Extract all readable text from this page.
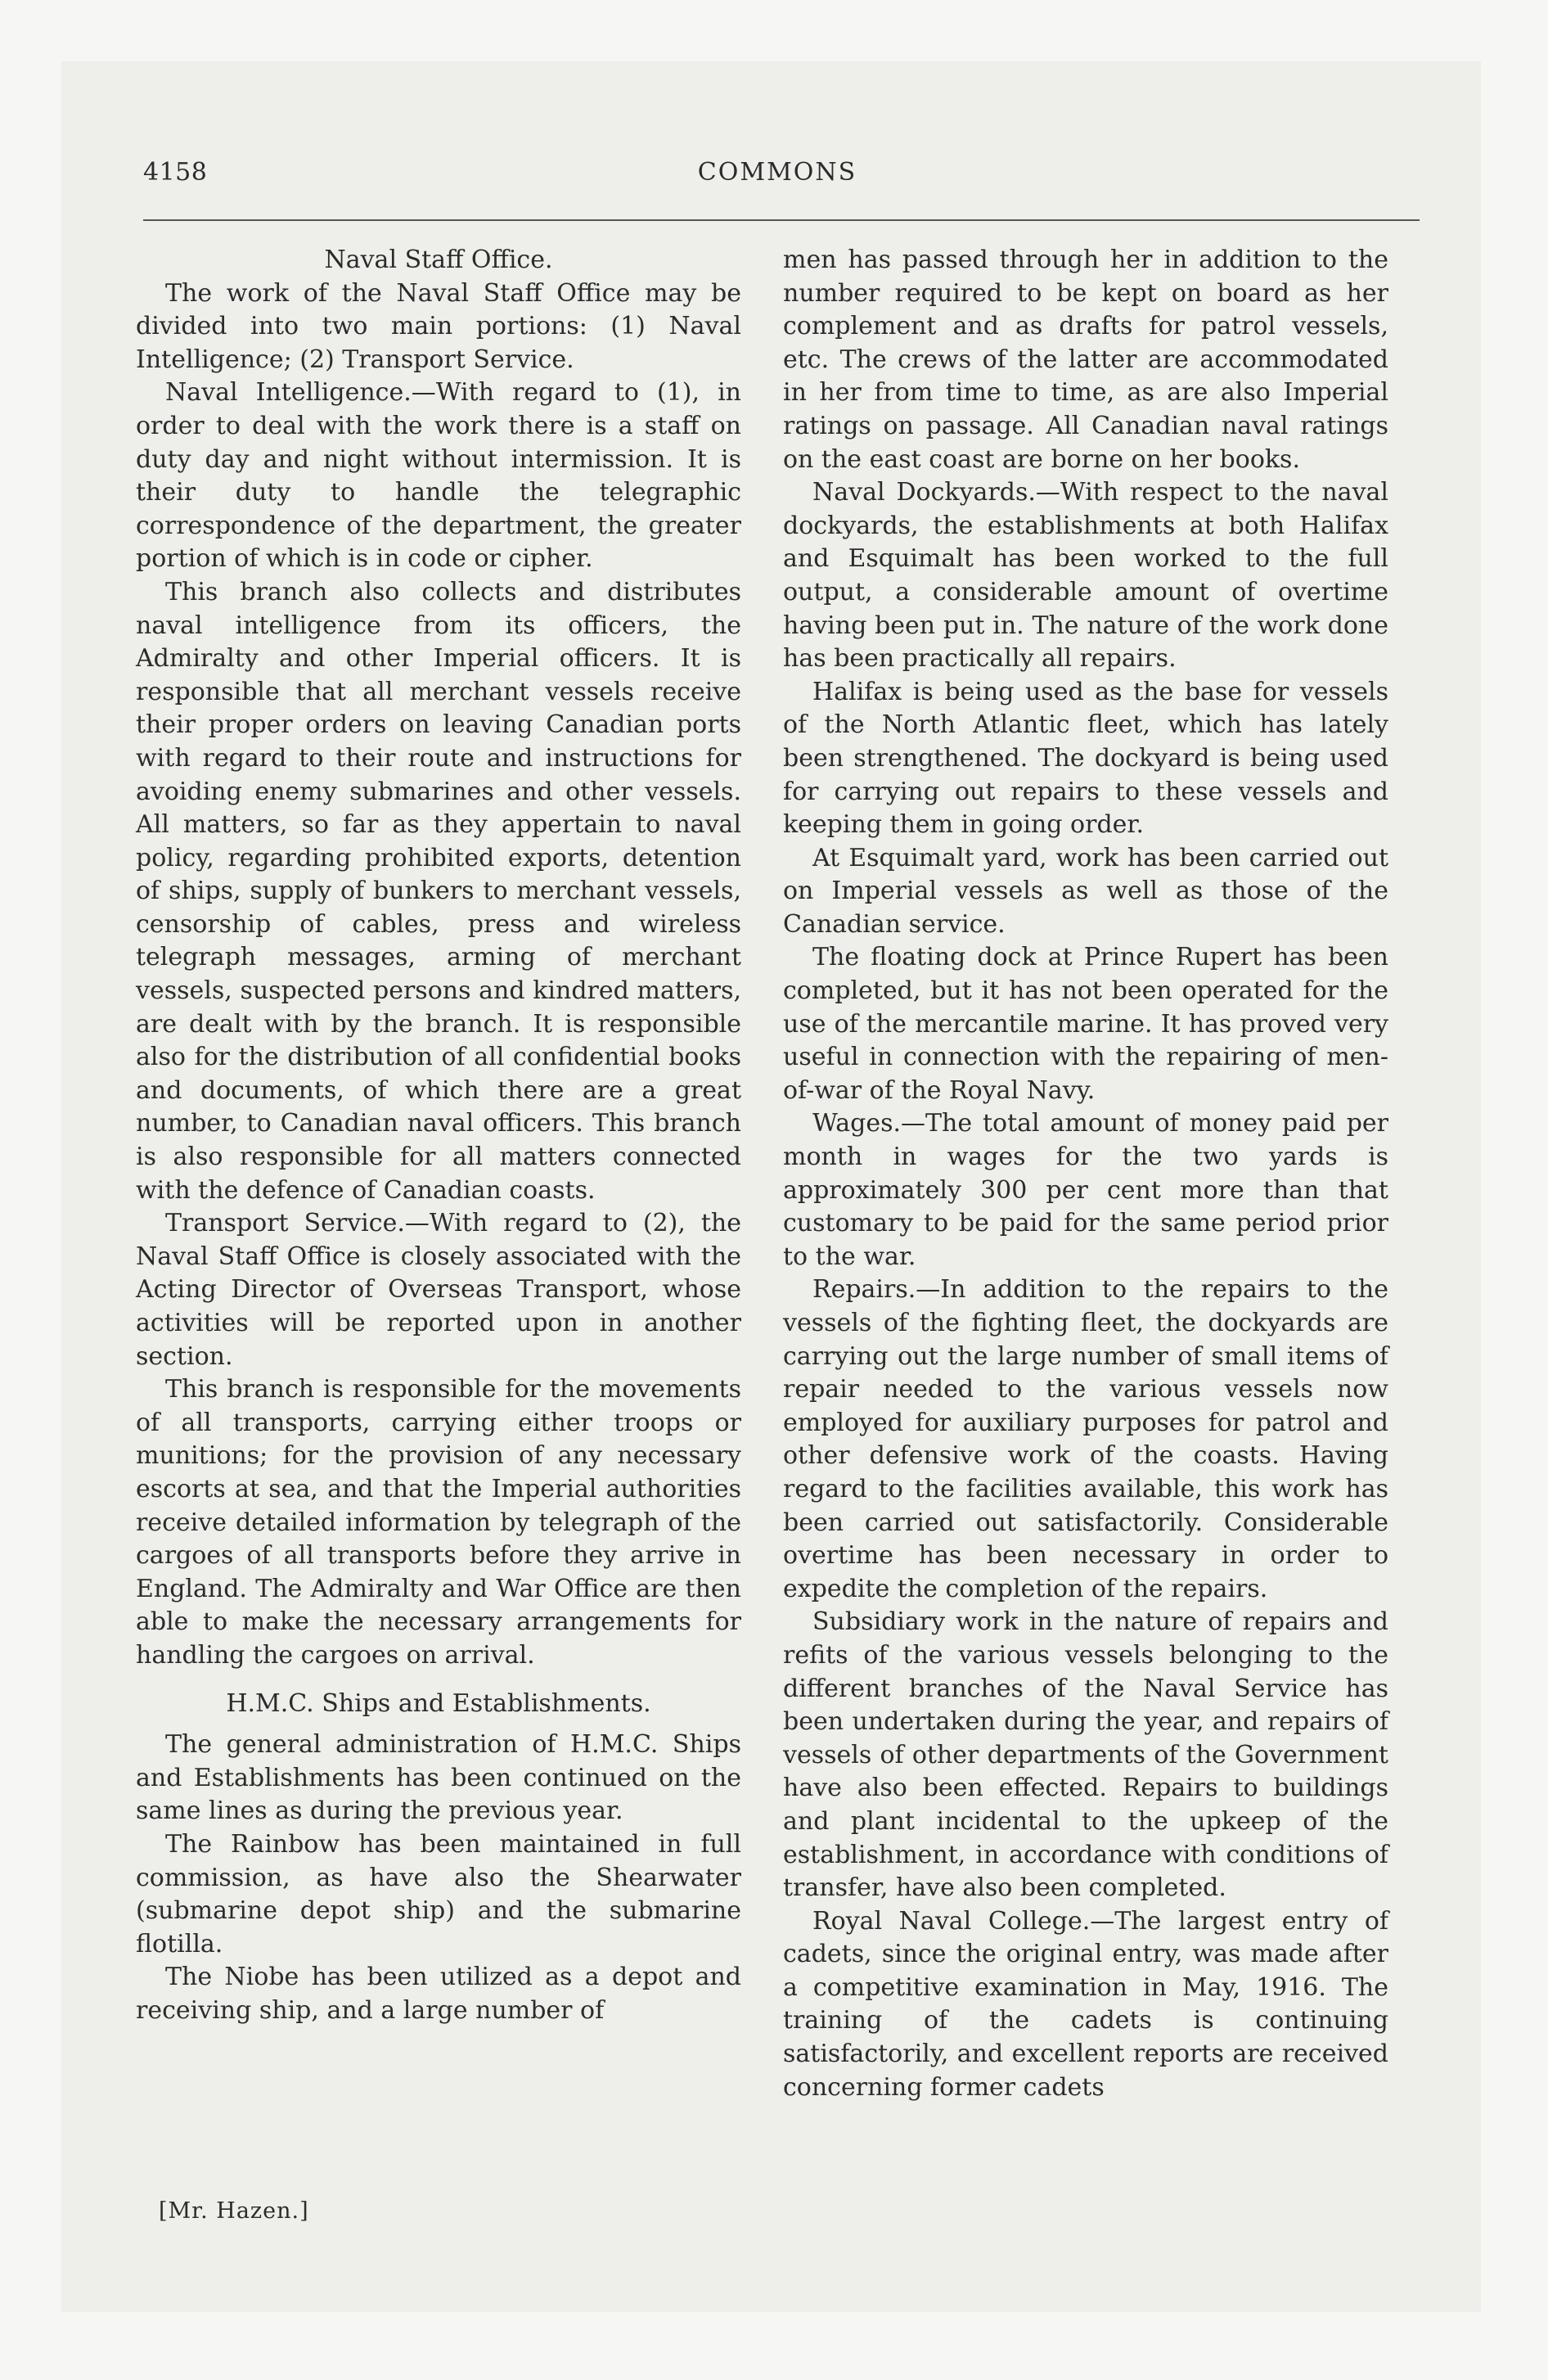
4158	COMMONS
Naval Staff Office.

The work of the Naval Staff Office may be divided into two main portions: (1) Naval Intelligence; (2) Transport Service.

Naval Intelligence.—With regard to (1), in order to deal with the work there is a staff on duty day and night without intermission. It is their duty to handle the telegraphic correspondence of the department, the greater portion of which is in code or cipher.

This branch also collects and distributes naval intelligence from its officers, the Admiralty and other Imperial officers. It is responsible that all merchant vessels receive their proper orders on leaving Canadian ports with regard to their route and instructions for avoiding enemy submarines and other vessels. All matters, so far as they appertain to naval policy, regarding prohibited exports, detention of ships, supply of bunkers to merchant vessels, censorship of cables, press and wireless telegraph messages, arming of merchant vessels, suspected persons and kindred matters, are dealt with by the branch. It is responsible also for the distribution of all confidential books and documents, of which there are a great number, to Canadian naval officers. This branch is also responsible for all matters connected with the defence of Canadian coasts.

Transport Service.—With regard to (2), the Naval Staff Office is closely associated with the Acting Director of Overseas Transport, whose activities will be reported upon in another section.

This branch is responsible for the movements of all transports, carrying either troops or munitions; for the provision of any necessary escorts at sea, and that the Imperial authorities receive detailed information by telegraph of the cargoes of all transports before they arrive in England. The Admiralty and War Office are then able to make the necessary arrangements for handling the cargoes on arrival.

H.M.C. Ships and Establishments.

The general administration of H.M.C. Ships and Establishments has been continued on the same lines as during the previous year.

The Rainbow has been maintained in full commission, as have also the Shearwater (submarine depot ship) and the submarine flotilla.

The Niobe has been utilized as a depot and receiving ship, and a large number of

men has passed through her in addition to the number required to be kept on board as her complement and as drafts for patrol vessels, etc. The crews of the latter are accommodated in her from time to time, as are also Imperial ratings on passage. All Canadian naval ratings on the east coast are borne on her books.

Naval Dockyards.—With respect to the naval dockyards, the establishments at both Halifax and Esquimalt has been worked to the full output, a considerable amount of overtime having been put in. The nature of the work done has been practically all repairs.

Halifax is being used as the base for vessels of the North Atlantic fleet, which has lately been strengthened. The dockyard is being used for carrying out repairs to these vessels and keeping them in going order.

At Esquimalt yard, work has been carried out on Imperial vessels as well as those of the Canadian service.

The floating dock at Prince Rupert has been completed, but it has not been operated for the use of the mercantile marine. It has proved very useful in connection with the repairing of men-of-war of the Royal Navy.

Wages.—The total amount of money paid per month in wages for the two yards is approximately 300 per cent more than that customary to be paid for the same period prior to the war.

Repairs.—In addition to the repairs to the vessels of the fighting fleet, the dockyards are carrying out the large number of small items of repair needed to the various vessels now employed for auxiliary purposes for patrol and other defensive work of the coasts. Having regard to the facilities available, this work has been carried out satisfactorily. Considerable overtime has been necessary in order to expedite the completion of the repairs.

Subsidiary work in the nature of repairs and refits of the various vessels belonging to the different branches of the Naval Service has been undertaken during the year, and repairs of vessels of other departments of the Government have also been effected. Repairs to buildings and plant incidental to the upkeep of the establishment, in accordance with conditions of transfer, have also been completed.

Royal Naval College.—The largest entry of cadets, since the original entry, was made after a competitive examination in May, 1916. The training of the cadets is continuing satisfactorily, and excellent reports are received concerning former cadets

[Mr. Hazen.]
